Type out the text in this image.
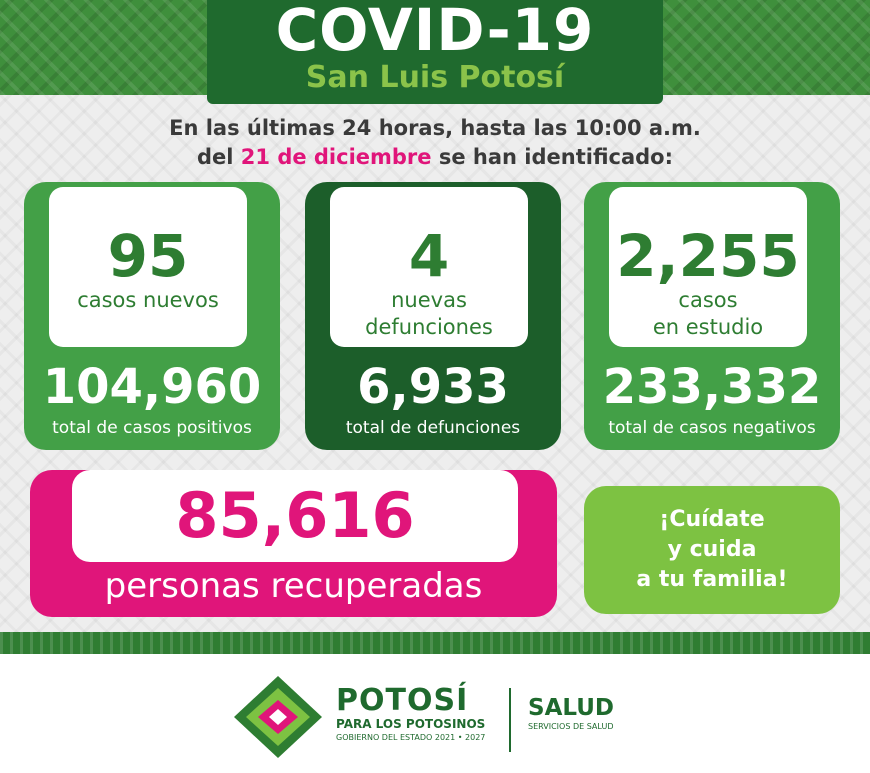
COVID-19
San Luis Potosí
En las últimas 24 horas, hasta las 10:00 a.m.
del 21 de diciembre se han identificado:
95
casos nuevos
104,960
total de casos positivos
4
nuevas
defunciones
6,933
total de defunciones
2,255
casos
en estudio
233,332
total de casos negativos
85,616
personas recuperadas
¡Cuídate
y cuida
a tu familia!
POTOSÍ
PARA LOS POTOSINOS
GOBIERNO DEL ESTADO 2021 • 2027
SALUD
SERVICIOS DE SALUD
